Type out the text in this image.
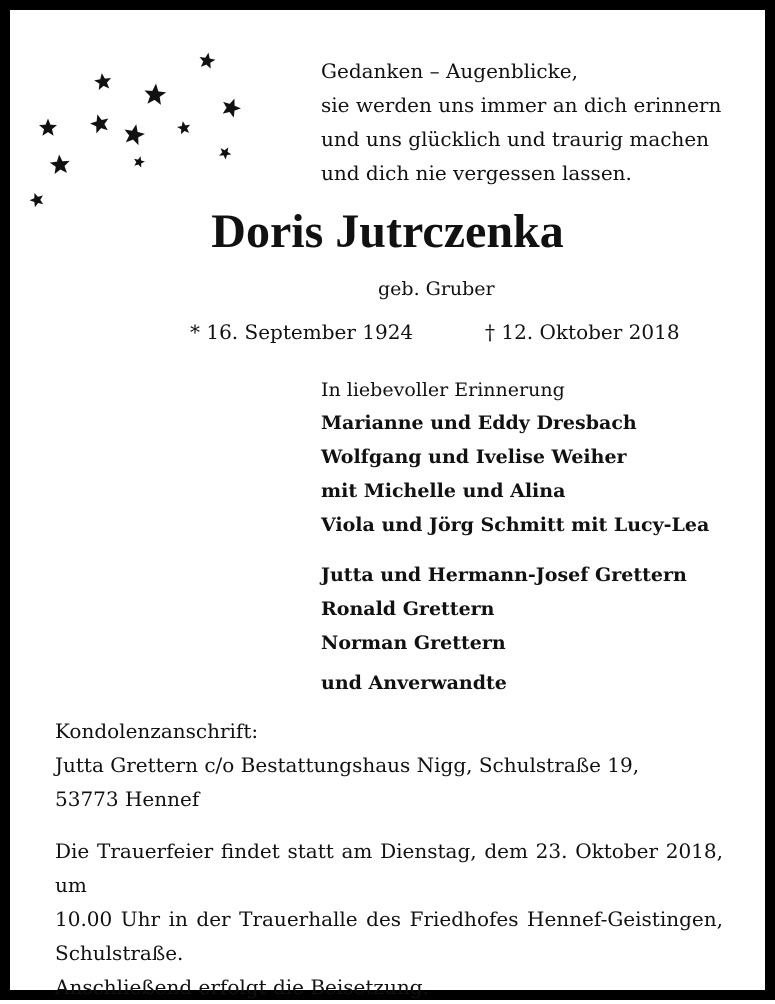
Gedanken – Augenblicke,
sie werden uns immer an dich erinnern
und uns glücklich und traurig machen
und dich nie vergessen lassen.
Doris Jutrczenka
geb. Gruber
* 16. September 1924	† 12. Oktober 2018
In liebevoller Erinnerung
Marianne und Eddy Dresbach
Wolfgang und Ivelise Weiher
mit Michelle und Alina
Viola und Jörg Schmitt mit Lucy-Lea
Jutta und Hermann-Josef Grettern
Ronald Grettern
Norman Grettern
und Anverwandte
Kondolenzanschrift:
Jutta Grettern c/o Bestattungshaus Nigg, Schulstraße 19,
53773 Hennef
Die Trauerfeier findet statt am Dienstag, dem 23. Oktober 2018, um
10.00 Uhr in der Trauerhalle des Friedhofes Hennef-Geistingen,
Schulstraße.
Anschließend erfolgt die Beisetzung.
